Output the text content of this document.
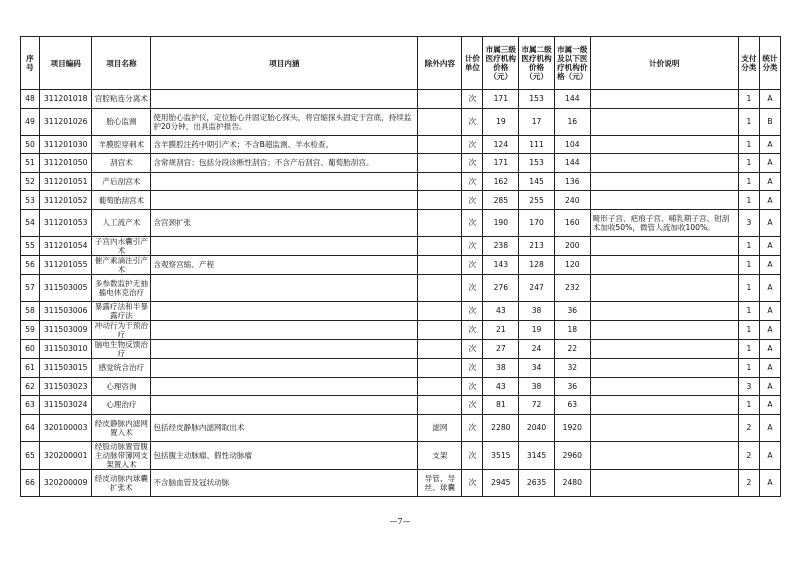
序号	项目编码	项目名称	项目内涵	除外内容	计价单位	市属三级医疗机构价格（元）	市属二级医疗机构价格（元）	市属一级及以下医疗机构价格（元）	计价说明	支付分类	统计分类
48	311201018	宫腔粘连分离术			次	171	153	144		1	A
49	311201026	胎心监测	使用胎心监护仪，定位胎心并固定胎心探头，将宫缩探头固定于宫底，持续监护20分钟，出具监护报告。		次	19	17	16		1	B
50	311201030	羊膜腔穿刺术	含羊膜腔注药中期引产术；不含B超监测、羊水检查。		次	124	111	104		1	A
51	311201050	刮宫术	含常规刮宫；包括分段诊断性刮宫；不含产后刮宫、葡萄胎刮宫。		次	171	153	144		1	A
52	311201051	产后刮宫术			次	162	145	136		1	A
53	311201052	葡萄胎刮宫术			次	285	255	240		1	A
54	311201053	人工流产术	含宫颈扩张		次	190	170	160	畸形子宫、疤痕子宫、哺乳期子宫、钳刮术加收50%，微管人流加收100%。	3	A
55	311201054	子宫内水囊引产术			次	238	213	200		1	A
56	311201055	催产素滴注引产术	含观察宫缩、产程		次	143	128	120		1	A
57	311503005	多参数监护无抽搐电休克治疗			次	276	247	232		1	A
58	311503006	暴露疗法和半暴露疗法			次	43	38	36		1	A
59	311503009	冲动行为干预治疗			次	21	19	18		1	A
60	311503010	脑电生物反馈治疗			次	27	24	22		1	A
61	311503015	感觉统合治疗			次	38	34	32		1	A
62	311503023	心理咨询			次	43	38	36		3	A
63	311503024	心理治疗			次	81	72	63		1	A
64	320100003	经皮静脉内滤网置入术	包括经皮静脉内滤网取出术	滤网	次	2280	2040	1920		2	A
65	320200001	经股动脉置管腹主动脉带簿网支架置入术	包括腹主动脉瘤、假性动脉瘤	支架	次	3515	3145	2960		2	A
66	320200009	经皮动脉内球囊扩张术	不含脑血管及冠状动脉	导管、导丝、球囊	次	2945	2635	2480		2	A
—7—
